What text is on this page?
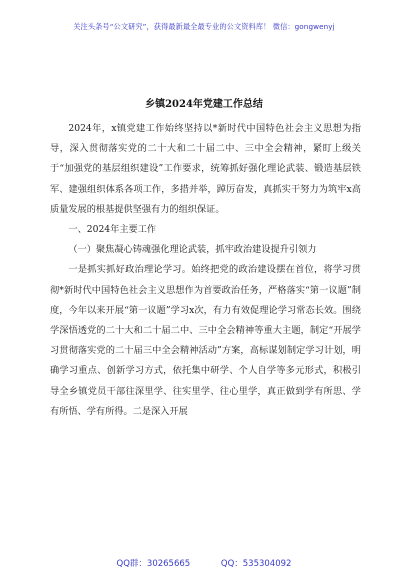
关注头条号“公文研究”，获得最新最全最专业的公文资料库！ 微信：gongwenyj
乡镇2024年党建工作总结

2024年，x镇党建工作始终坚持以*新时代中国特色社会主义思想为指导，深入贯彻落实党的二十大和二十届二中、三中全会精神，紧盯上级关于“加强党的基层组织建设”工作要求，统筹抓好强化理论武装、锻造基层铁军、建强组织体系各项工作，多措并举，踔厉奋发，真抓实干努力为筑牢x高质量发展的根基提供坚强有力的组织保证。

一、2024年主要工作

（一）聚焦凝心铸魂强化理论武装，抓牢政治建设提升引领力

一是抓实抓好政治理论学习。始终把党的政治建设摆在首位，将学习贯彻*新时代中国特色社会主义思想作为首要政治任务，严格落实“第一议题”制度，今年以来开展“第一议题”学习x次，有力有效促理论学习常态长效。围绕学深悟透党的二十大和二十届二中、三中全会精神等重大主题，制定“开展学习贯彻落实党的二十届三中全会精神活动”方案，高标谋划制定学习计划，明确学习重点、创新学习方式，依托集中研学、个人自学等多元形式，积极引导全乡镇党员干部往深里学、往实里学、往心里学，真正做到学有所思、学有所悟、学有所得。二是深入开展

QQ群：30265665	QQ：535304092
